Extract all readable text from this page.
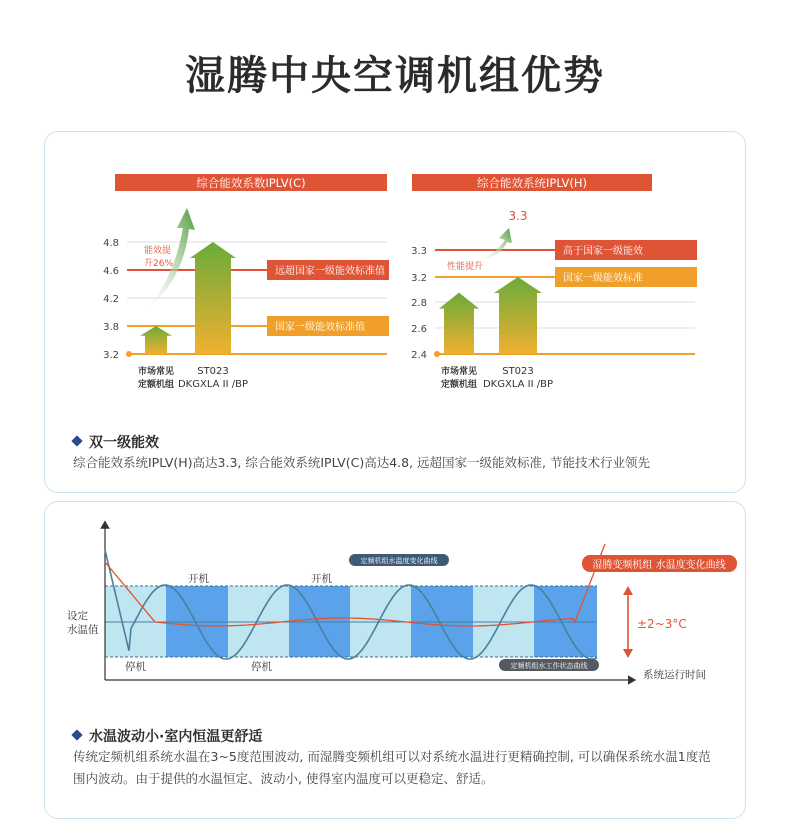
湿腾中央空调机组优势
综合能效系数IPLV(C)	综合能效系统IPLV(H)
3.2
3.8
4.2
4.6
4.8
远超国家一级能效标准值
国家一级能效标准值
市场常见
定额机组
ST023
DKGXLA II /BP
能效提
升26%
2.4
2.6
2.8
3.2
3.3	高于国家一级能效
国家一级能效标准
市场常见
定额机组
ST023
DKGXLA II /BP
性能提升
3.3
双一级能效
综合能效系统IPLV(H)高达3.3, 综合能效系统IPLV(C)高达4.8, 远超国家一级能效标准, 节能技术行业领先
设定
水温值
系统运行时间
开机	开机
停机	停机
定频机组水温度变化曲线	湿腾变频机组 水温度变化曲线
定频机组水工作状态曲线
±2~3°C
水温波动小·室内恒温更舒适
传统定频机组系统水温在3~5度范围波动, 而湿腾变频机组可以对系统水温进行更精确控制, 可以确保系统水温1度范围内波动。由于提供的水温恒定、波动小, 使得室内温度可以更稳定、舒适。
